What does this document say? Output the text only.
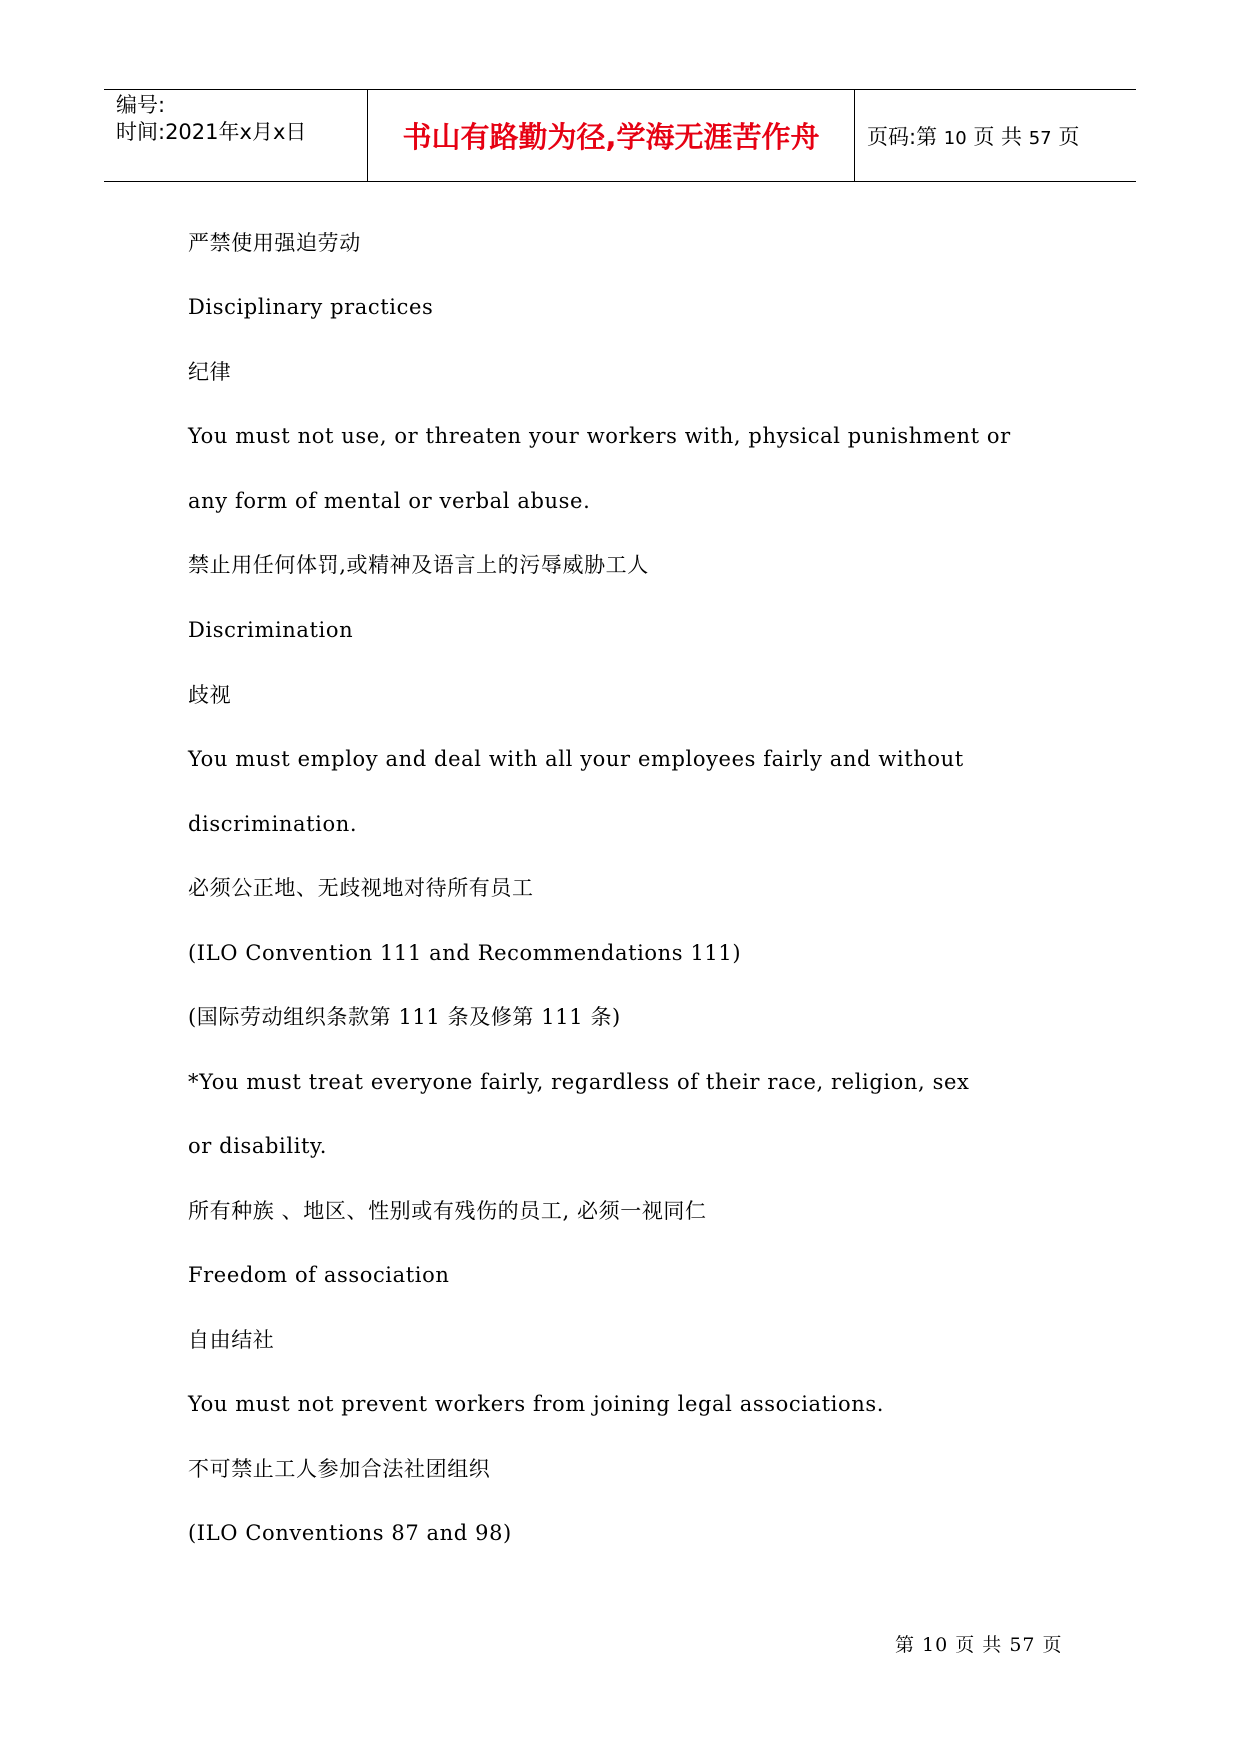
编号:
时间:2021年x月x日	书山有路勤为径,学海无涯苦作舟 页码:第 10 页 共 57 页
严禁使用强迫劳动
Disciplinary practices
纪律
You must not use, or threaten your workers with, physical punishment or
any form of mental or verbal abuse.
禁止用任何体罚,或精神及语言上的污辱威胁工人
Discrimination
歧视
You must employ and deal with all your employees fairly and without
discrimination.
必须公正地、无歧视地对待所有员工
(ILO Convention 111 and Recommendations 111)
(国际劳动组织条款第 111 条及修第 111 条)
*You must treat everyone fairly, regardless of their race, religion, sex
or disability.
所有种族 、地区、性别或有残伤的员工, 必须一视同仁
Freedom of association
自由结社
You must not prevent workers from joining legal associations.
不可禁止工人参加合法社团组织
(ILO Conventions 87 and 98)
第 10 页 共 57 页
